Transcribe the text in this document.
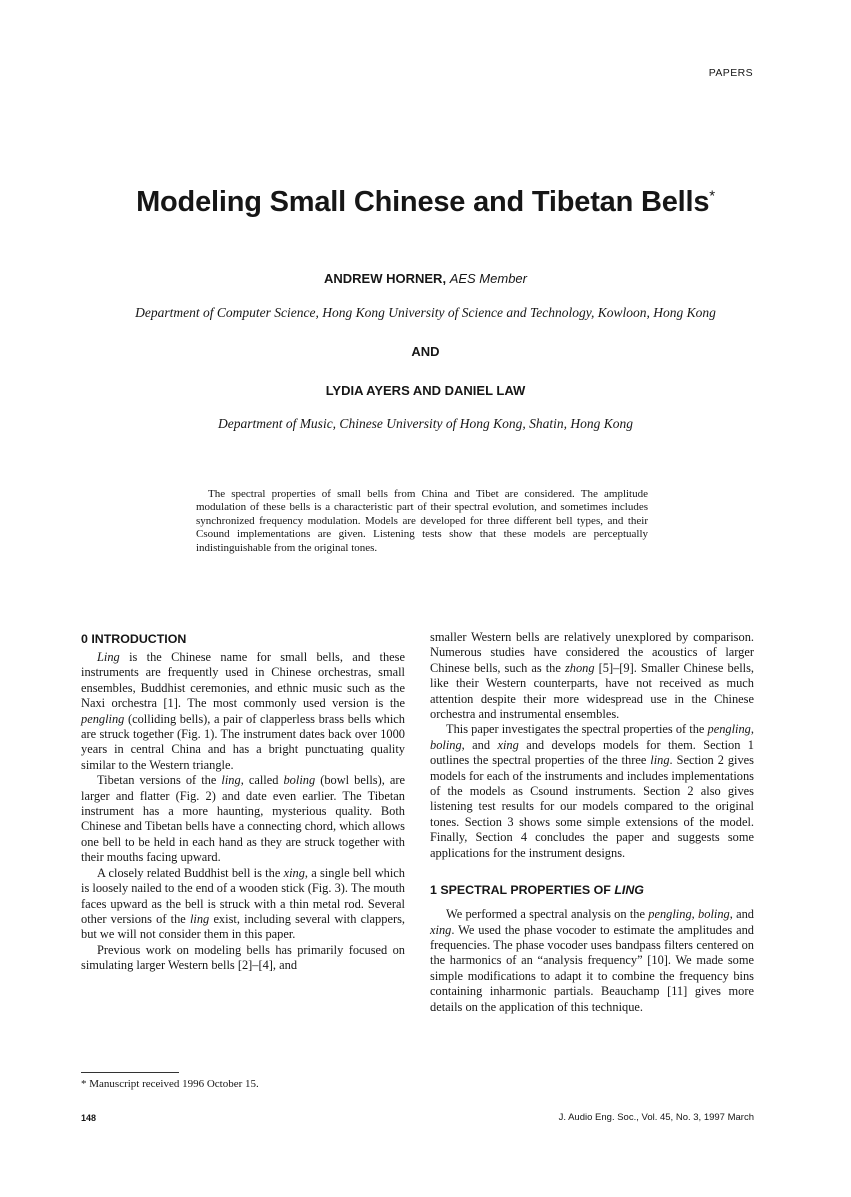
PAPERS
Modeling Small Chinese and Tibetan Bells*
ANDREW HORNER, AES Member
Department of Computer Science, Hong Kong University of Science and Technology, Kowloon, Hong Kong
AND
LYDIA AYERS AND DANIEL LAW
Department of Music, Chinese University of Hong Kong, Shatin, Hong Kong

The spectral properties of small bells from China and Tibet are considered. The amplitude modulation of these bells is a characteristic part of their spectral evolution, and sometimes includes synchronized frequency modulation. Models are developed for three different bell types, and their Csound implementations are given. Listening tests show that these models are perceptually indistinguishable from the original tones.

0 INTRODUCTION

Ling is the Chinese name for small bells, and these instruments are frequently used in Chinese orchestras, small ensembles, Buddhist ceremonies, and ethnic music such as the Naxi orchestra [1]. The most commonly used version is the pengling (colliding bells), a pair of clapperless brass bells which are struck together (Fig. 1). The instrument dates back over 1000 years in central China and has a bright punctuating quality similar to the Western triangle.

Tibetan versions of the ling, called boling (bowl bells), are larger and flatter (Fig. 2) and date even earlier. The Tibetan instrument has a more haunting, mysterious quality. Both Chinese and Tibetan bells have a connecting chord, which allows one bell to be held in each hand as they are struck together with their mouths facing upward.

A closely related Buddhist bell is the xing, a single bell which is loosely nailed to the end of a wooden stick (Fig. 3). The mouth faces upward as the bell is struck with a thin metal rod. Several other versions of the ling exist, including several with clappers, but we will not consider them in this paper.

Previous work on modeling bells has primarily focused on simulating larger Western bells [2]–[4], and

smaller Western bells are relatively unexplored by comparison. Numerous studies have considered the acoustics of larger Chinese bells, such as the zhong [5]–[9]. Smaller Chinese bells, like their Western counterparts, have not received as much attention despite their more widespread use in the Chinese orchestra and instrumental ensembles.

This paper investigates the spectral properties of the pengling, boling, and xing and develops models for them. Section 1 outlines the spectral properties of the three ling. Section 2 gives models for each of the instruments and includes implementations of the models as Csound instruments. Section 2 also gives listening test results for our models compared to the original tones. Section 3 shows some simple extensions of the model. Finally, Section 4 concludes the paper and suggests some applications for the instrument designs.

1 SPECTRAL PROPERTIES OF LING

We performed a spectral analysis on the pengling, boling, and xing. We used the phase vocoder to estimate the amplitudes and frequencies. The phase vocoder uses bandpass filters centered on the harmonics of an “analysis frequency” [10]. We made some simple modifications to adapt it to combine the frequency bins containing inharmonic partials. Beauchamp [11] gives more details on the application of this technique.

* Manuscript received 1996 October 15.
148	J. Audio Eng. Soc., Vol. 45, No. 3, 1997 March
